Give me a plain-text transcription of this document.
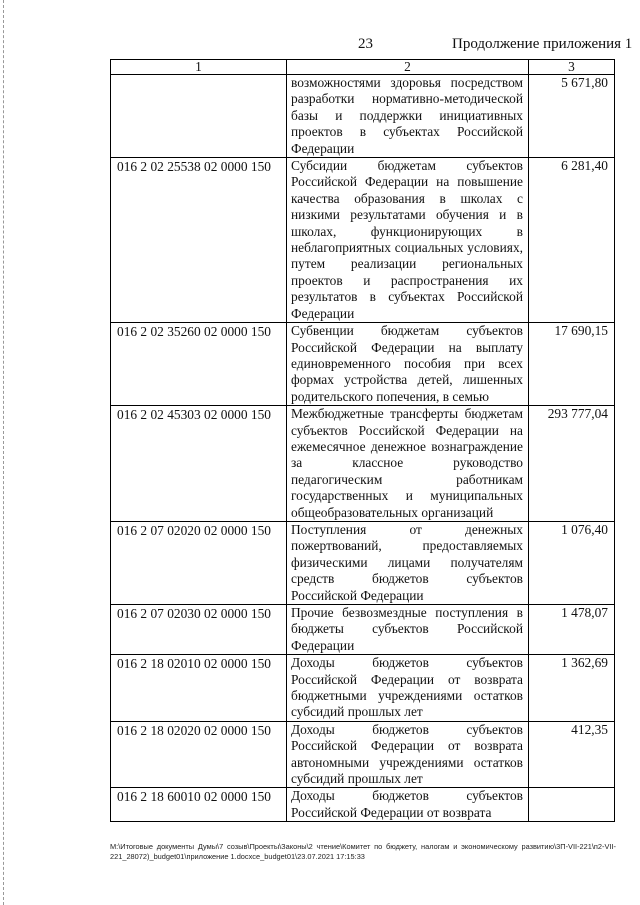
23	Продолжение приложения 1
1	2	3
	возможностями здоровья посредством разработки нормативно-методической базы и поддержки инициативных проектов в субъектах Российской Федерации	5 671,80
016 2 02 25538 02 0000 150	Субсидии бюджетам субъектов Российской Федерации на повышение качества образования в школах с низкими результатами обучения и в школах, функционирующих в неблагоприятных социальных условиях, путем реализации региональных проектов и распространения их результатов в субъектах Российской Федерации	6 281,40
016 2 02 35260 02 0000 150	Субвенции бюджетам субъектов Российской Федерации на выплату единовременного пособия при всех формах устройства детей, лишенных родительского попечения, в семью	17 690,15
016 2 02 45303 02 0000 150	Межбюджетные трансферты бюджетам субъектов Российской Федерации на ежемесячное денежное вознаграждение за классное руководство педагогическим работникам государственных и муниципальных общеобразовательных организаций	293 777,04
016 2 07 02020 02 0000 150	Поступления от денежных пожертвований, предоставляемых физическими лицами получателям средств бюджетов субъектов Российской Федерации	1 076,40
016 2 07 02030 02 0000 150	Прочие безвозмездные поступления в бюджеты субъектов Российской Федерации	1 478,07
016 2 18 02010 02 0000 150	Доходы бюджетов субъектов Российской Федерации от возврата бюджетными учреждениями остатков субсидий прошлых лет	1 362,69
016 2 18 02020 02 0000 150	Доходы бюджетов субъектов Российской Федерации от возврата автономными учреждениями остатков субсидий прошлых лет	412,35
016 2 18 60010 02 0000 150	Доходы бюджетов субъектов Российской Федерации от возврата	
M:\Итоговые документы Думы\7 созыв\Проекты\Законы\2 чтение\Комитет по бюджету, налогам и экономическому развитию\3П-VII-221\п2-VII-221_28072)_budget01\приложение 1.docxсе_budget01\23.07.2021 17:15:33
